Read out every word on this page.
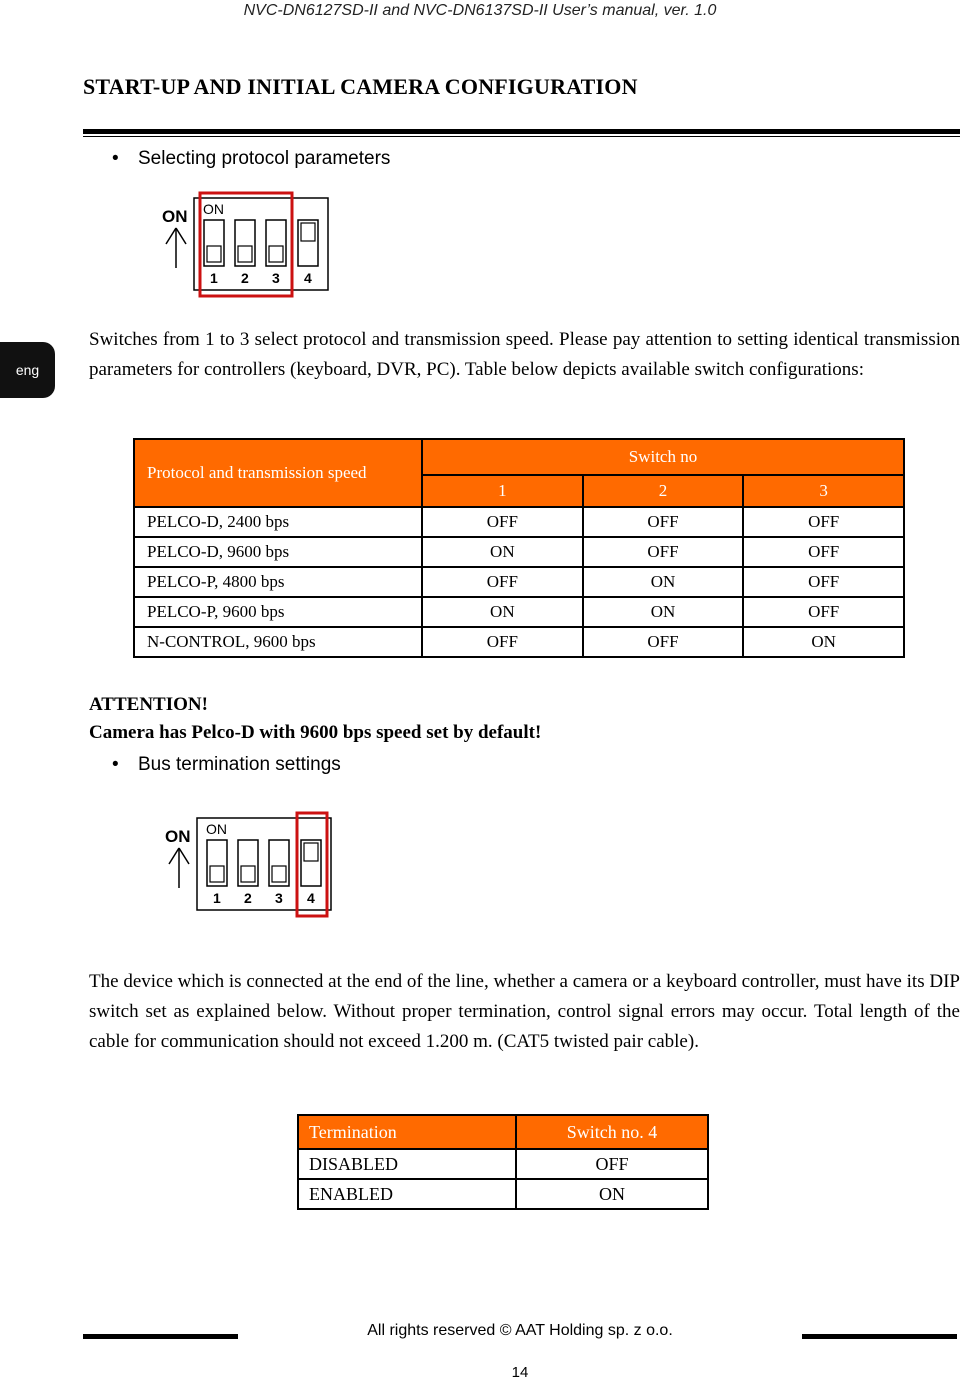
NVC-DN6127SD-II and NVC-DN6137SD-II User’s manual, ver. 1.0
START-UP AND INITIAL CAMERA CONFIGURATION
• Selecting protocol parameters
ON ON
1 2 3 4
eng
Switches from 1 to 3 select protocol and transmission speed. Please pay attention to setting identical transmission parameters for controllers (keyboard, DVR, PC). Table below depicts available switch configurations:
Protocol and transmission speed	Switch no		
	1	2	3
PELCO-D, 2400 bps	OFF	OFF	OFF
PELCO-D, 9600 bps	ON	OFF	OFF
PELCO-P, 4800 bps	OFF	ON	OFF
PELCO-P, 9600 bps	ON	ON	OFF
N-CONTROL, 9600 bps	OFF	OFF	ON
ATTENTION!
Camera has Pelco-D with 9600 bps speed set by default!
• Bus termination settings
ON ON
1 2 3 4
The device which is connected at the end of the line, whether a camera or a keyboard controller, must have its DIP switch set as explained below. Without proper termination, control signal errors may occur. Total length of the cable for communication should not exceed 1.200 m. (CAT5 twisted pair cable).
Termination	Switch no. 4
DISABLED	OFF
ENABLED	ON
All rights reserved © AAT Holding sp. z o.o.
14
